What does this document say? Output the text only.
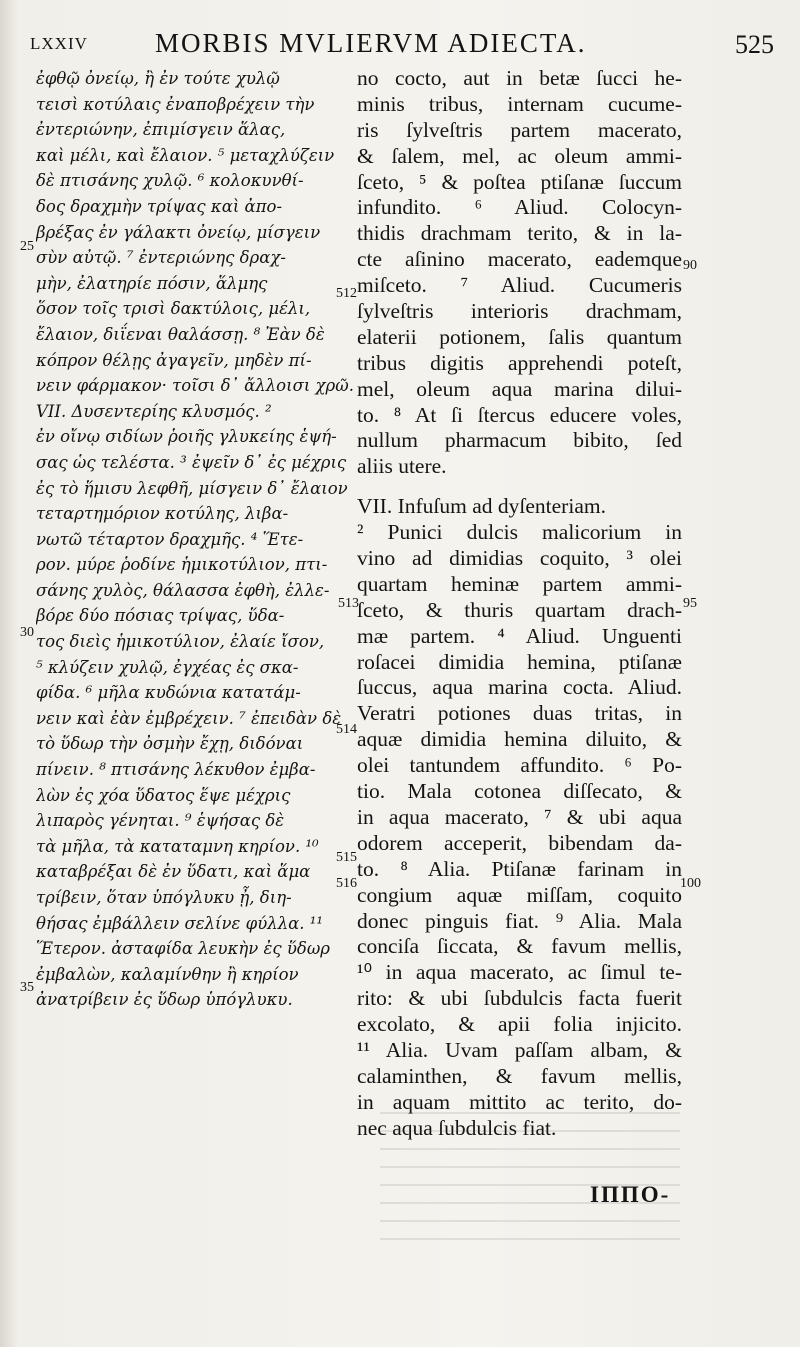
LXXIV MORBIS MVLIERVM ADIECTA.	525
ἐφθῷ ὀνείῳ, ἢ ἐν τούτε χυλῷ
τεισὶ κοτύλαις ἐναποβρέχειν τὴν
ἐντεριώνην, ἐπιμίσγειν ἅλας,
καὶ μέλι, καὶ ἔλαιον. ⁵ μεταχλύζειν
δὲ πτισάνης χυλῷ. ⁶ κολοκυνθί-
δος δραχμὴν τρίψας καὶ ἀπο-
βρέξας ἐν γάλακτι ὀνείῳ, μίσγειν
σὺν αὐτῷ. ⁷ ἐντεριώνης δραχ-
μὴν, ἐλατηρίε πόσιν, ἅλμης
ὅσον τοῖς τρισὶ δακτύλοις, μέλι,
ἔλαιον, διΐεναι θαλάσσῃ. ⁸ Ἐὰν δὲ
κόπρον θέλῃς ἀγαγεῖν, μηδὲν πί-
νειν φάρμακον· τοῖσι δ᾽ ἄλλοισι χρῶ.
VII. Δυσεντερίης κλυσμός. ²
ἐν οἴνῳ σιδίων ῥοιῆς γλυκείης ἑψή-
σας ὡς τελέστα. ³ ἐψεῖν δ᾽ ἐς μέχρις
ἐς τὸ ἥμισυ λεφθῆ, μίσγειν δ᾽ ἔλαιον
τεταρτημόριον κοτύλης, λιβα-
νωτῶ τέταρτον δραχμῆς. ⁴ Ἕτε-
ρον. μύρε ῥοδίνε ἡμικοτύλιον, πτι-
σάνης χυλὸς, θάλασσα ἐφθὴ, ἐλλε-
βόρε δύο πόσιας τρίψας, ὕδα-
τος διεὶς ἡμικοτύλιον, ἐλαίε ἴσον,
⁵ κλύζειν χυλῷ, ἐγχέας ἐς σκα-
φίδα. ⁶ μῆλα κυδώνια κατατάμ-
νειν καὶ ἐὰν ἐμβρέχειν. ⁷ ἐπειδὰν δὲ
τὸ ὕδωρ τὴν ὀσμὴν ἔχῃ, διδόναι
πίνειν. ⁸ πτισάνης λέκυθον ἐμβα-
λὼν ἐς χόα ὕδατος ἕψε μέχρις
λιπαρὸς γένηται. ⁹ ἑψήσας δὲ
τὰ μῆλα, τὰ καταταμνη κηρίον. ¹⁰
καταβρέξαι δὲ ἐν ὕδατι, καὶ ἅμα
τρίβειν, ὅταν ὑπόγλυκυ ᾖ, διη-
θήσας ἐμβάλλειν σελίνε φύλλα. ¹¹
Ἕτερον. ἀσταφίδα λευκὴν ἐς ὕδωρ
ἐμβαλὼν, καλαμίνθην ἢ κηρίον
ἀνατρίβειν ἐς ὕδωρ ὑπόγλυκυ.
no cocto, aut in betæ ſucci he-
minis tribus, internam cucume-
ris ſylveſtris partem macerato,
& ſalem, mel, ac oleum ammi-
ſceto, ⁵ & poſtea ptiſanæ ſuccum
infundito. ⁶ Aliud. Colocyn-
thidis drachmam terito, & in la-
cte aſinino macerato, eademque
miſceto. ⁷ Aliud. Cucumeris
ſylveſtris interioris drachmam,
elaterii potionem, ſalis quantum
tribus digitis apprehendi poteſt,
mel, oleum aqua marina dilui-
to. ⁸ At ſi ſtercus educere voles,
nullum pharmacum bibito, ſed
aliis utere.
VII. Infuſum ad dyſenteriam.
² Punici dulcis malicorium in
vino ad dimidias coquito, ³ olei
quartam heminæ partem ammi-
ſceto, & thuris quartam drach-
mæ partem. ⁴ Aliud. Unguenti
roſacei dimidia hemina, ptiſanæ
ſuccus, aqua marina cocta. Aliud.
Veratri potiones duas tritas, in
aquæ dimidia hemina diluito, &
olei tantundem affundito. ⁶ Po-
tio. Mala cotonea diſſecato, &
in aqua macerato, ⁷ & ubi aqua
odorem acceperit, bibendam da-
to. ⁸ Alia. Ptiſanæ farinam in
congium aquæ miſſam, coquito
donec pinguis fiat. ⁹ Alia. Mala
conciſa ſiccata, & favum mellis,
¹⁰ in aqua macerato, ac ſimul te-
rito: & ubi ſubdulcis facta fuerit
excolato, & apii folia injicito.
¹¹ Alia. Uvam paſſam albam, &
calaminthen, & favum mellis,
in aquam mittito ac terito, do-
nec aqua ſubdulcis fiat.
25
512
90
513	95
30
514
515
516	100
35
ΙΠΠΟ-
